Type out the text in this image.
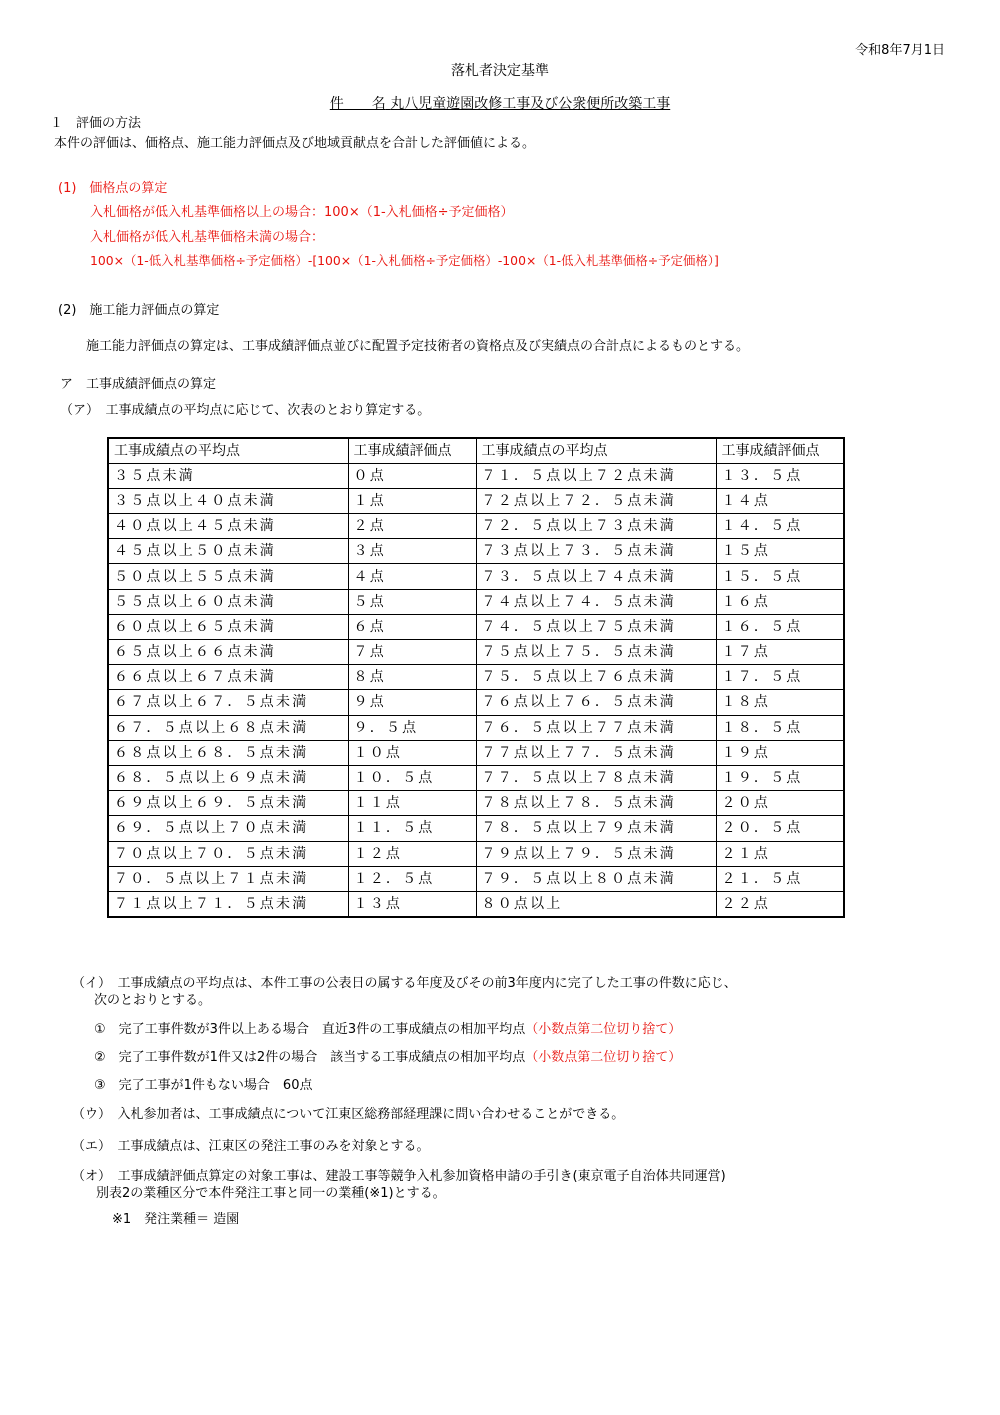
令和8年7月1日
落札者決定基準
件　　名 丸八児童遊園改修工事及び公衆便所改築工事
１　評価の方法
本件の評価は、価格点、施工能力評価点及び地域貢献点を合計した評価値による。
(1)　価格点の算定
入札価格が低入札基準価格以上の場合：100×（1-入札価格÷予定価格）
入札価格が低入札基準価格未満の場合：
100×（1-低入札基準価格÷予定価格）-[100×（1-入札価格÷予定価格）-100×（1-低入札基準価格÷予定価格）]
(2)　施工能力評価点の算定
施工能力評価点の算定は、工事成績評価点並びに配置予定技術者の資格点及び実績点の合計点によるものとする。
ア　工事成績評価点の算定
（ア）　工事成績点の平均点に応じて、次表のとおり算定する。
工事成績点の平均点	工事成績評価点	工事成績点の平均点	工事成績評価点
３５点未満	０点	７１．５点以上７２点未満	１３．５点
３５点以上４０点未満	１点	７２点以上７２．５点未満	１４点
４０点以上４５点未満	２点	７２．５点以上７３点未満	１４．５点
４５点以上５０点未満	３点	７３点以上７３．５点未満	１５点
５０点以上５５点未満	４点	７３．５点以上７４点未満	１５．５点
５５点以上６０点未満	５点	７４点以上７４．５点未満	１６点
６０点以上６５点未満	６点	７４．５点以上７５点未満	１６．５点
６５点以上６６点未満	７点	７５点以上７５．５点未満	１７点
６６点以上６７点未満	８点	７５．５点以上７６点未満	１７．５点
６７点以上６７．５点未満	９点	７６点以上７６．５点未満	１８点
６７．５点以上６８点未満	９．５点	７６．５点以上７７点未満	１８．５点
６８点以上６８．５点未満	１０点	７７点以上７７．５点未満	１９点
６８．５点以上６９点未満	１０．５点	７７．５点以上７８点未満	１９．５点
６９点以上６９．５点未満	１１点	７８点以上７８．５点未満	２０点
６９．５点以上７０点未満	１１．５点	７８．５点以上７９点未満	２０．５点
７０点以上７０．５点未満	１２点	７９点以上７９．５点未満	２１点
７０．５点以上７１点未満	１２．５点	７９．５点以上８０点未満	２１．５点
７１点以上７１．５点未満	１３点	８０点以上	２２点
（イ）　工事成績点の平均点は、本件工事の公表日の属する年度及びその前3年度内に完了した工事の件数に応じ、
次のとおりとする。
①　完了工事件数が3件以上ある場合　直近3件の工事成績点の相加平均点（小数点第二位切り捨て）
②　完了工事件数が1件又は2件の場合　該当する工事成績点の相加平均点（小数点第二位切り捨て）
③　完了工事が1件もない場合　60点
（ウ）　入札参加者は、工事成績点について江東区総務部経理課に問い合わせることができる。
（エ）　工事成績点は、江東区の発注工事のみを対象とする。
（オ）　工事成績評価点算定の対象工事は、建設工事等競争入札参加資格申請の手引き(東京電子自治体共同運営)
別表2の業種区分で本件発注工事と同一の業種(※1)とする。
※1　発注業種＝ 造園
